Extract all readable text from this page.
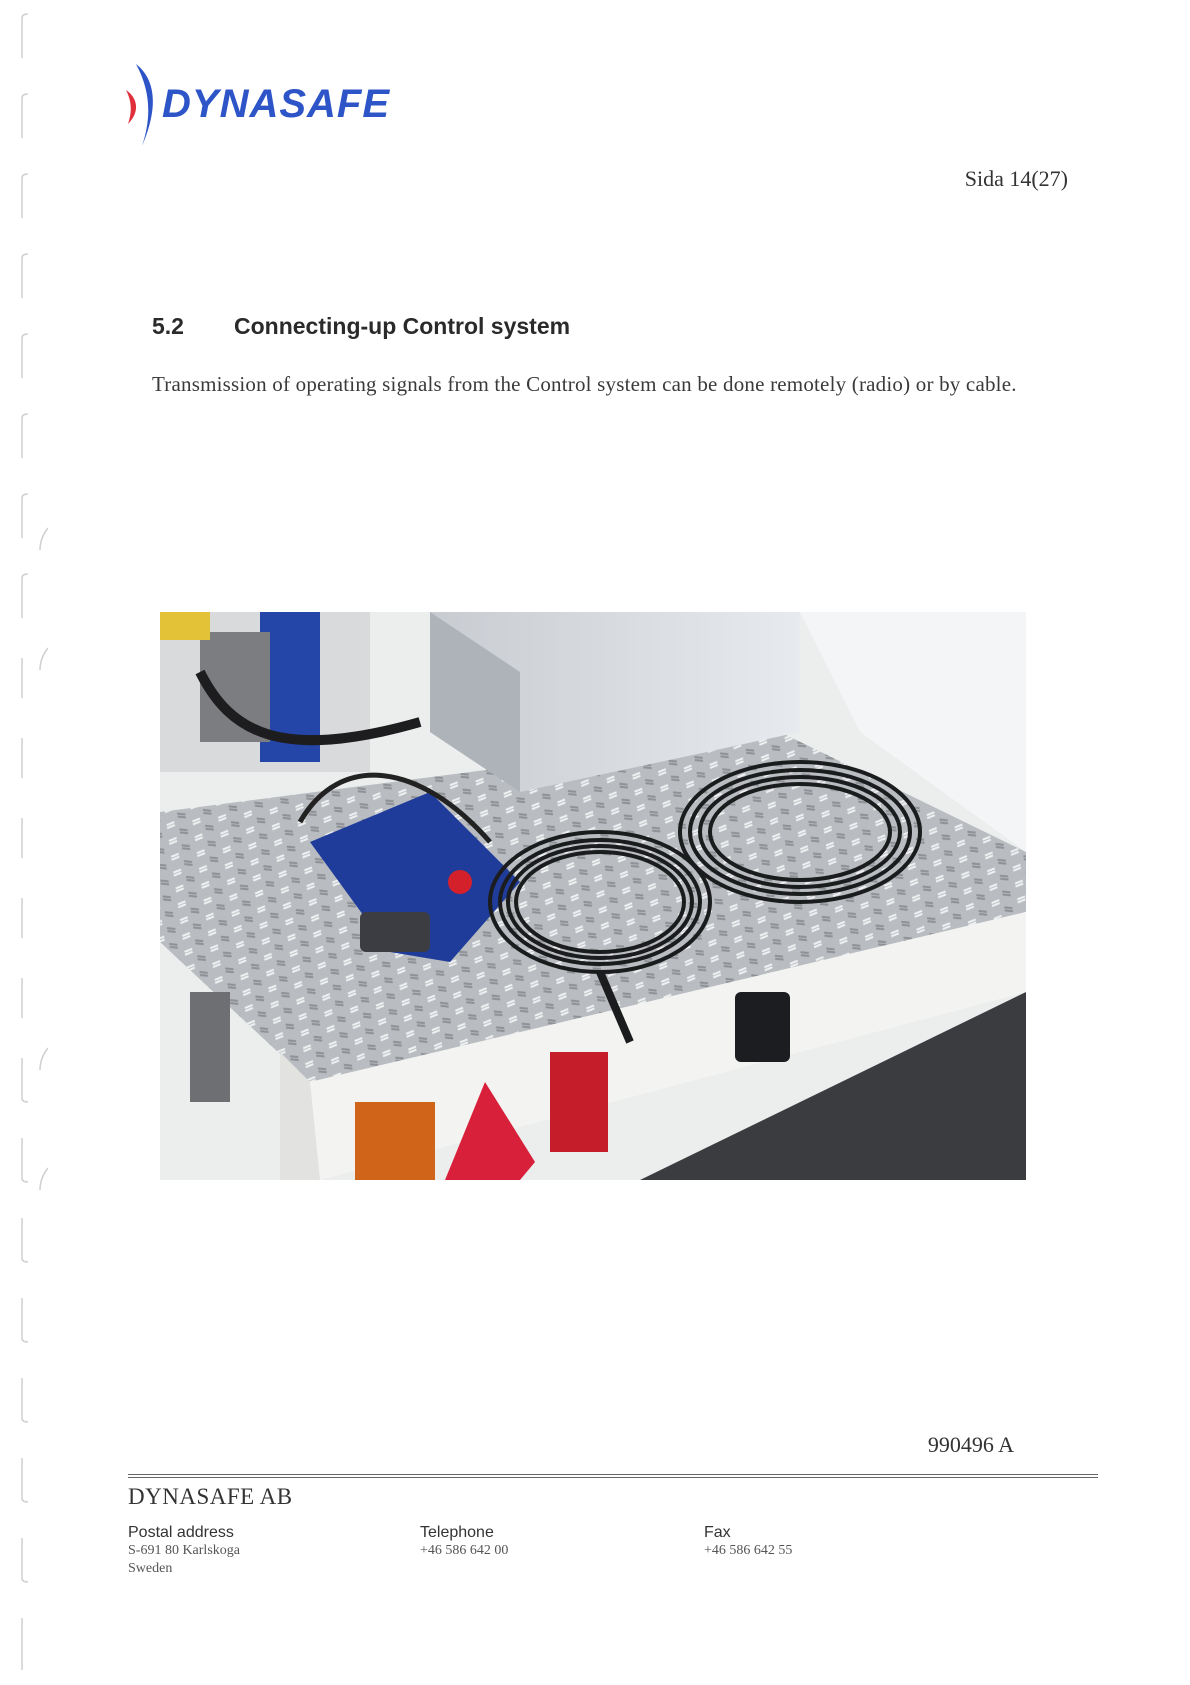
DYNASAFE
Sida 14(27)
5.2 Connecting-up Control system
Transmission of operating signals from the Control system can be done remotely (radio) or by cable.
990496 A
DYNASAFE AB
Postal address
S-691 80 Karlskoga
Sweden
Telephone
+46 586 642 00
Fax
+46 586 642 55
